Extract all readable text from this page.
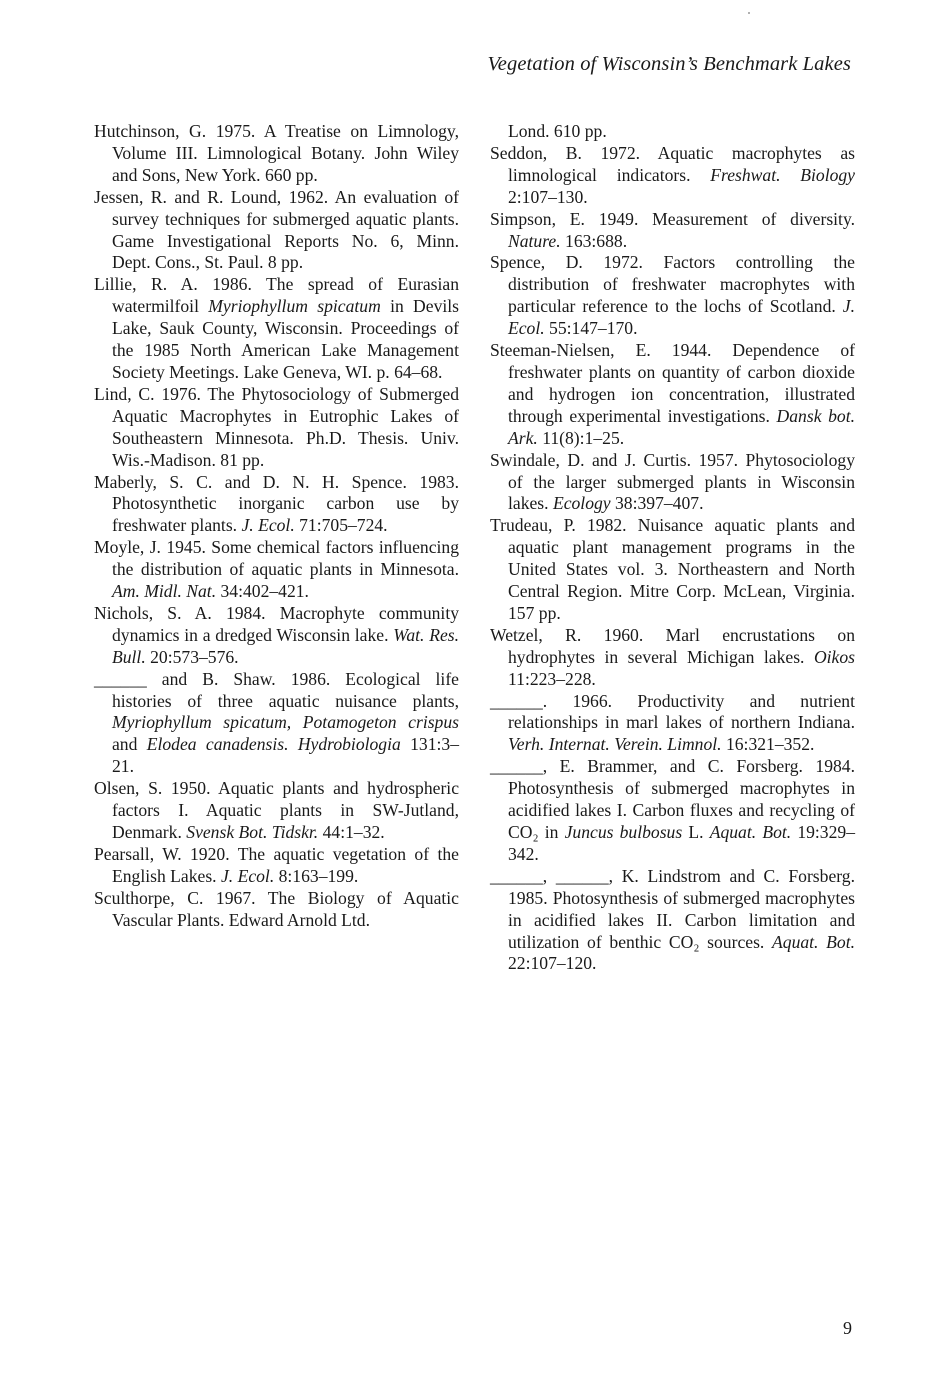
Vegetation of Wisconsin’s Benchmark Lakes

Hutchinson, G. 1975. A Treatise on Limnology, Volume III. Limnological Botany. John Wiley and Sons, New York. 660 pp.

Jessen, R. and R. Lound, 1962. An evaluation of survey techniques for submerged aquatic plants. Game Investigational Reports No. 6, Minn. Dept. Cons., St. Paul. 8 pp.

Lillie, R. A. 1986. The spread of Eurasian watermilfoil Myriophyllum spicatum in Devils Lake, Sauk County, Wisconsin. Proceedings of the 1985 North American Lake Management Society Meetings. Lake Geneva, WI. p. 64–68.

Lind, C. 1976. The Phytosociology of Submerged Aquatic Macrophytes in Eutrophic Lakes of Southeastern Minnesota. Ph.D. Thesis. Univ. Wis.-Madison. 81 pp.

Maberly, S. C. and D. N. H. Spence. 1983. Photosynthetic inorganic carbon use by freshwater plants. J. Ecol. 71:705–724.

Moyle, J. 1945. Some chemical factors influencing the distribution of aquatic plants in Minnesota. Am. Midl. Nat. 34:402–421.

Nichols, S. A. 1984. Macrophyte community dynamics in a dredged Wisconsin lake. Wat. Res. Bull. 20:573–576.

______ and B. Shaw. 1986. Ecological life histories of three aquatic nuisance plants, Myriophyllum spicatum, Potamogeton crispus and Elodea canadensis. Hydrobiologia 131:3–21.

Olsen, S. 1950. Aquatic plants and hydrospheric factors I. Aquatic plants in SW-Jutland, Denmark. Svensk Bot. Tidskr. 44:1–32.

Pearsall, W. 1920. The aquatic vegetation of the English Lakes. J. Ecol. 8:163–199.

Sculthorpe, C. 1967. The Biology of Aquatic Vascular Plants. Edward Arnold Ltd.

Lond. 610 pp.

Seddon, B. 1972. Aquatic macrophytes as limnological indicators. Freshwat. Biology 2:107–130.

Simpson, E. 1949. Measurement of diversity. Nature. 163:688.

Spence, D. 1972. Factors controlling the distribution of freshwater macrophytes with particular reference to the lochs of Scotland. J. Ecol. 55:147–170.

Steeman-Nielsen, E. 1944. Dependence of freshwater plants on quantity of carbon dioxide and hydrogen ion concentration, illustrated through experimental investigations. Dansk bot. Ark. 11(8):1–25.

Swindale, D. and J. Curtis. 1957. Phytosociology of the larger submerged plants in Wisconsin lakes. Ecology 38:397–407.

Trudeau, P. 1982. Nuisance aquatic plants and aquatic plant management programs in the United States vol. 3. Northeastern and North Central Region. Mitre Corp. McLean, Virginia. 157 pp.

Wetzel, R. 1960. Marl encrustations on hydrophytes in several Michigan lakes. Oikos 11:223–228.

______. 1966. Productivity and nutrient relationships in marl lakes of northern Indiana. Verh. Internat. Verein. Limnol. 16:321–352.

______, E. Brammer, and C. Forsberg. 1984. Photosynthesis of submerged macrophytes in acidified lakes I. Carbon fluxes and recycling of CO₂ in Juncus bulbosus L. Aquat. Bot. 19:329–342.

______, ______, K. Lindstrom and C. Forsberg. 1985. Photosynthesis of submerged macrophytes in acidified lakes II. Carbon limitation and utilization of benthic CO₂ sources. Aquat. Bot. 22:107–120.

9
